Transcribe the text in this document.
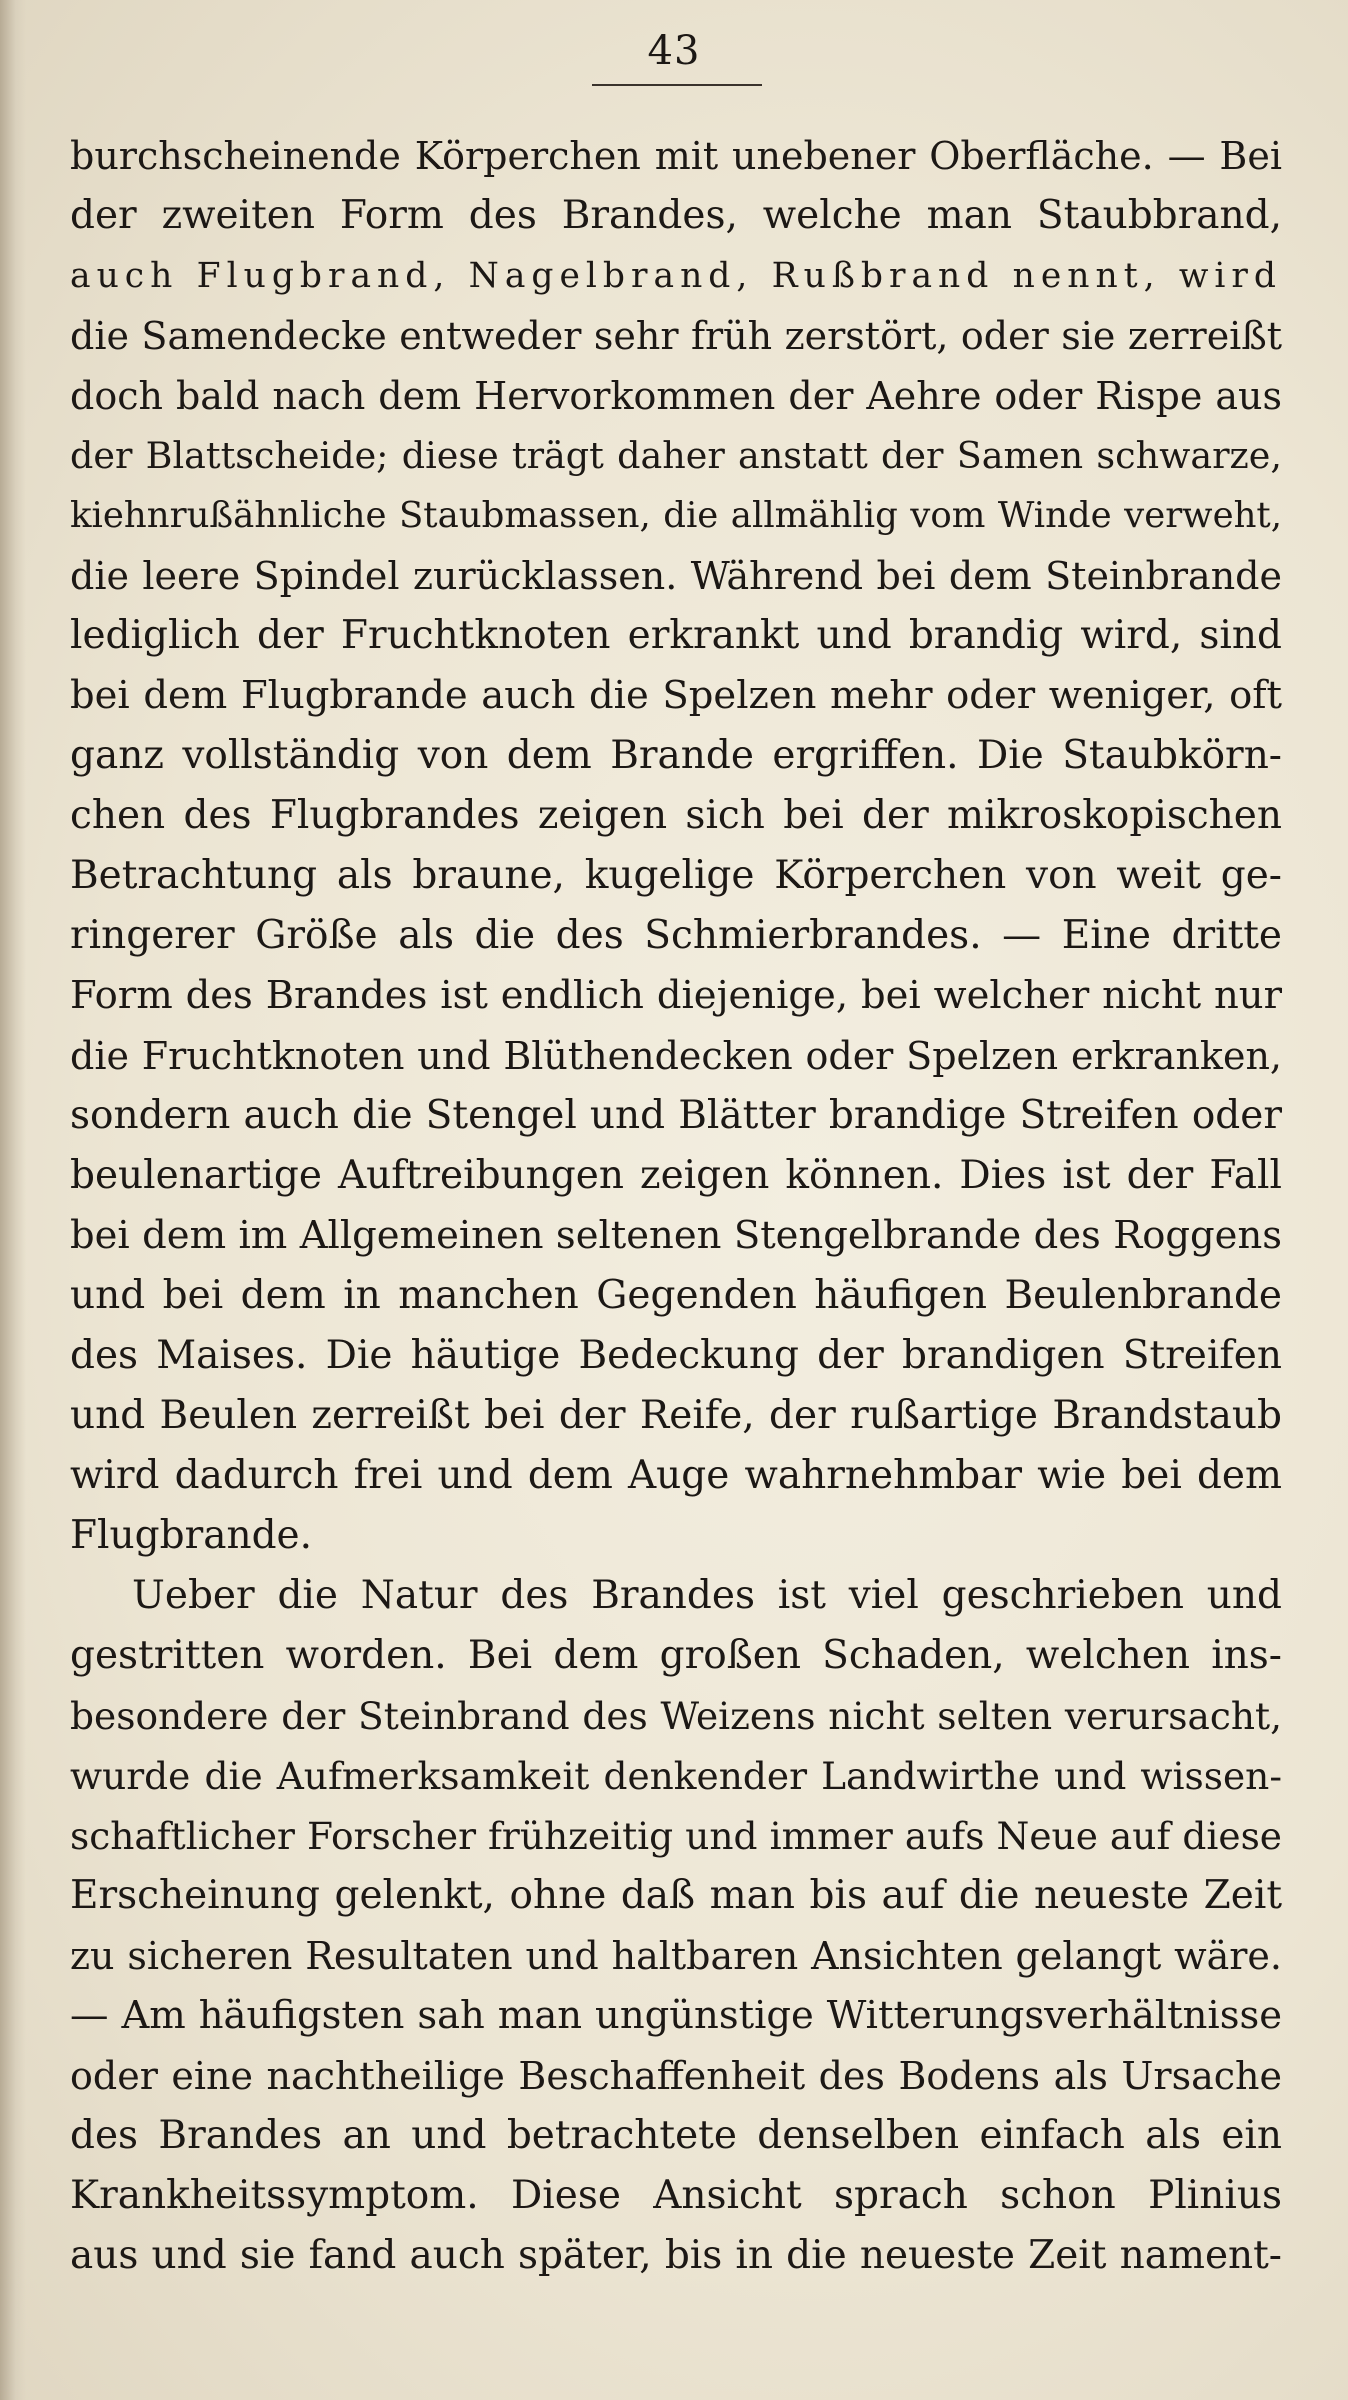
43
burchscheinende Körperchen mit unebener Oberfläche. — Bei
der zweiten Form des Brandes, welche man Staubbrand,
auch Flugbrand, Nagelbrand, Rußbrand nennt, wird
die Samendecke entweder sehr früh zerstört, oder sie zerreißt
doch bald nach dem Hervorkommen der Aehre oder Rispe aus
der Blattscheide; diese trägt daher anstatt der Samen schwarze,
kiehnrußähnliche Staubmassen, die allmählig vom Winde verweht,
die leere Spindel zurücklassen. Während bei dem Steinbrande
lediglich der Fruchtknoten erkrankt und brandig wird, sind
bei dem Flugbrande auch die Spelzen mehr oder weniger, oft
ganz vollständig von dem Brande ergriffen. Die Staubkörn-
chen des Flugbrandes zeigen sich bei der mikroskopischen
Betrachtung als braune, kugelige Körperchen von weit ge-
ringerer Größe als die des Schmierbrandes. — Eine dritte
Form des Brandes ist endlich diejenige, bei welcher nicht nur
die Fruchtknoten und Blüthendecken oder Spelzen erkranken,
sondern auch die Stengel und Blätter brandige Streifen oder
beulenartige Auftreibungen zeigen können. Dies ist der Fall
bei dem im Allgemeinen seltenen Stengelbrande des Roggens
und bei dem in manchen Gegenden häufigen Beulenbrande
des Maises. Die häutige Bedeckung der brandigen Streifen
und Beulen zerreißt bei der Reife, der rußartige Brandstaub
wird dadurch frei und dem Auge wahrnehmbar wie bei dem
Flugbrande.
Ueber die Natur des Brandes ist viel geschrieben und
gestritten worden. Bei dem großen Schaden, welchen ins-
besondere der Steinbrand des Weizens nicht selten verursacht,
wurde die Aufmerksamkeit denkender Landwirthe und wissen-
schaftlicher Forscher frühzeitig und immer aufs Neue auf diese
Erscheinung gelenkt, ohne daß man bis auf die neueste Zeit
zu sicheren Resultaten und haltbaren Ansichten gelangt wäre.
— Am häufigsten sah man ungünstige Witterungsverhältnisse
oder eine nachtheilige Beschaffenheit des Bodens als Ursache
des Brandes an und betrachtete denselben einfach als ein
Krankheitssymptom. Diese Ansicht sprach schon Plinius
aus und sie fand auch später, bis in die neueste Zeit nament-
